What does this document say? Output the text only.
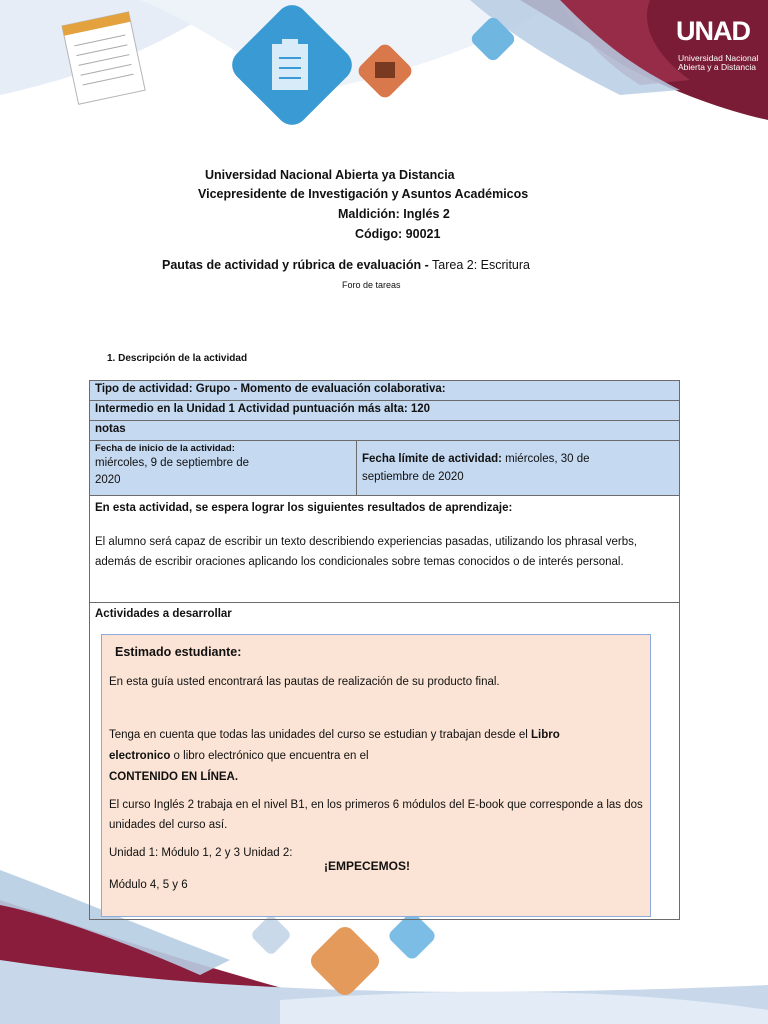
UNAD
Universidad Nacional
Abierta y a Distancia
Universidad Nacional Abierta ya Distancia
Vicepresidente de Investigación y Asuntos Académicos
Maldición: Inglés 2
Código: 90021
Pautas de actividad y rúbrica de evaluación - Tarea 2: Escritura
Foro de tareas
1. Descripción de la actividad
Tipo de actividad: Grupo - Momento de evaluación colaborativa:
Intermedio en la Unidad 1 Actividad puntuación más alta: 120
notas

Fecha de inicio de la actividad:
miércoles, 9 de septiembre de
2020

Fecha límite de actividad: miércoles, 30 de
septiembre de 2020

En esta actividad, se espera lograr los siguientes resultados de aprendizaje:
El alumno será capaz de escribir un texto describiendo experiencias pasadas, utilizando los phrasal verbs, además de escribir oraciones aplicando los condicionales sobre temas conocidos o de interés personal.

Actividades a desarrollar

Estimado estudiante:

En esta guía usted encontrará las pautas de realización de su producto final.

Tenga en cuenta que todas las unidades del curso se estudian y trabajan desde el Libro
electronico o libro electrónico que encuentra en el
CONTENIDO EN LÍNEA.

El curso Inglés 2 trabaja en el nivel B1, en los primeros 6 módulos del E-book que corresponde a las dos unidades del curso así.

Unidad 1: Módulo 1, 2 y 3 Unidad 2:

Módulo 4, 5 y 6

¡EMPECEMOS!
